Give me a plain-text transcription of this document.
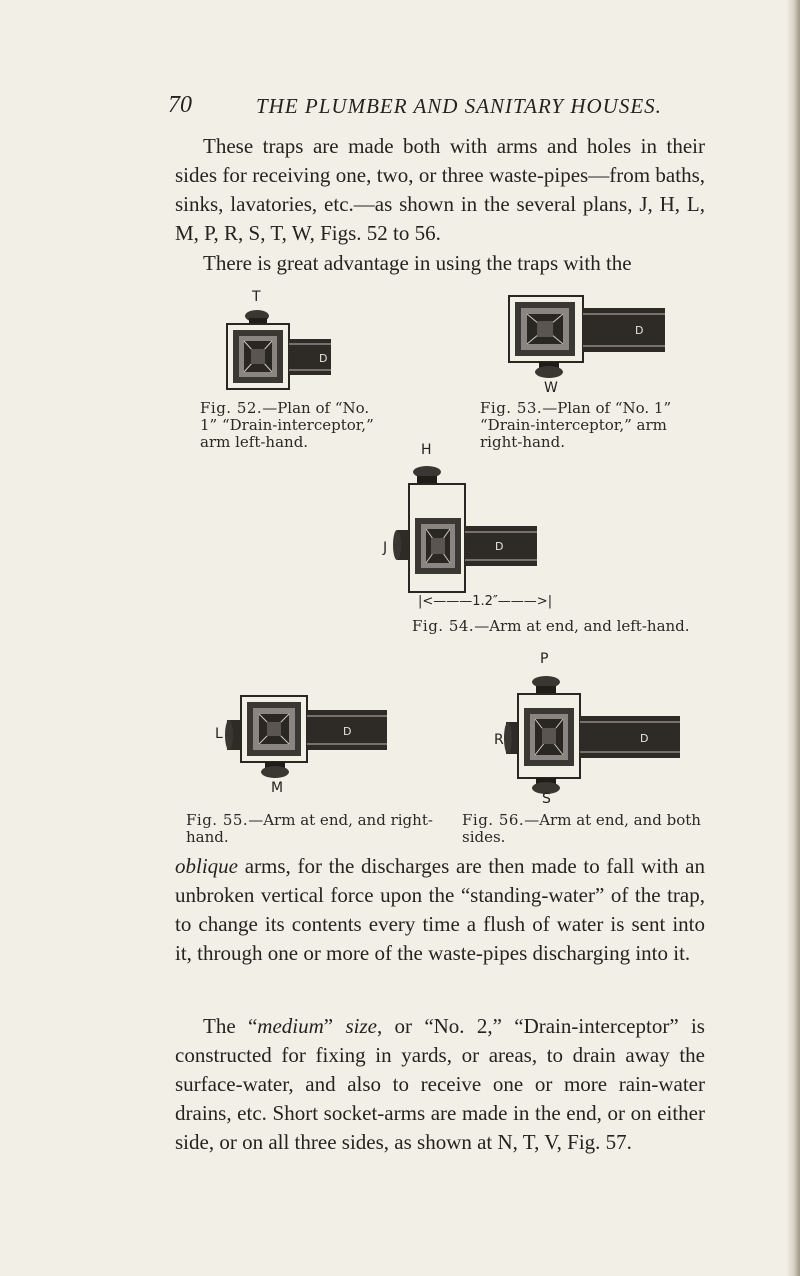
70	THE PLUMBER AND SANITARY HOUSES.

These traps are made both with arms and holes in their sides for receiving one, two, or three waste-pipes—from baths, sinks, lavatories, etc.—as shown in the several plans, J, H, L, M, P, R, S, T, W, Figs. 52 to 56.

There is great advantage in using the traps with the

T
D
Fig. 52.—Plan of “No. 1” “Drain-interceptor,” arm left-hand.
D
W
Fig. 53.—Plan of “No. 1” “Drain-interceptor,” arm right-hand.
H
J	D
|<———1.2″———>|
Fig. 54.—Arm at end, and left-hand.
L	D
M
Fig. 55.—Arm at end, and right-hand.
P
R	D
S
Fig. 56.—Arm at end, and both sides.

oblique arms, for the discharges are then made to fall with an unbroken vertical force upon the “standing-water” of the trap, to change its contents every time a flush of water is sent into it, through one or more of the waste-pipes discharging into it.

The “medium” size, or “No. 2,” “Drain-interceptor” is constructed for fixing in yards, or areas, to drain away the surface-water, and also to receive one or more rain-water drains, etc. Short socket-arms are made in the end, or on either side, or on all three sides, as shown at N, T, V, Fig. 57.
